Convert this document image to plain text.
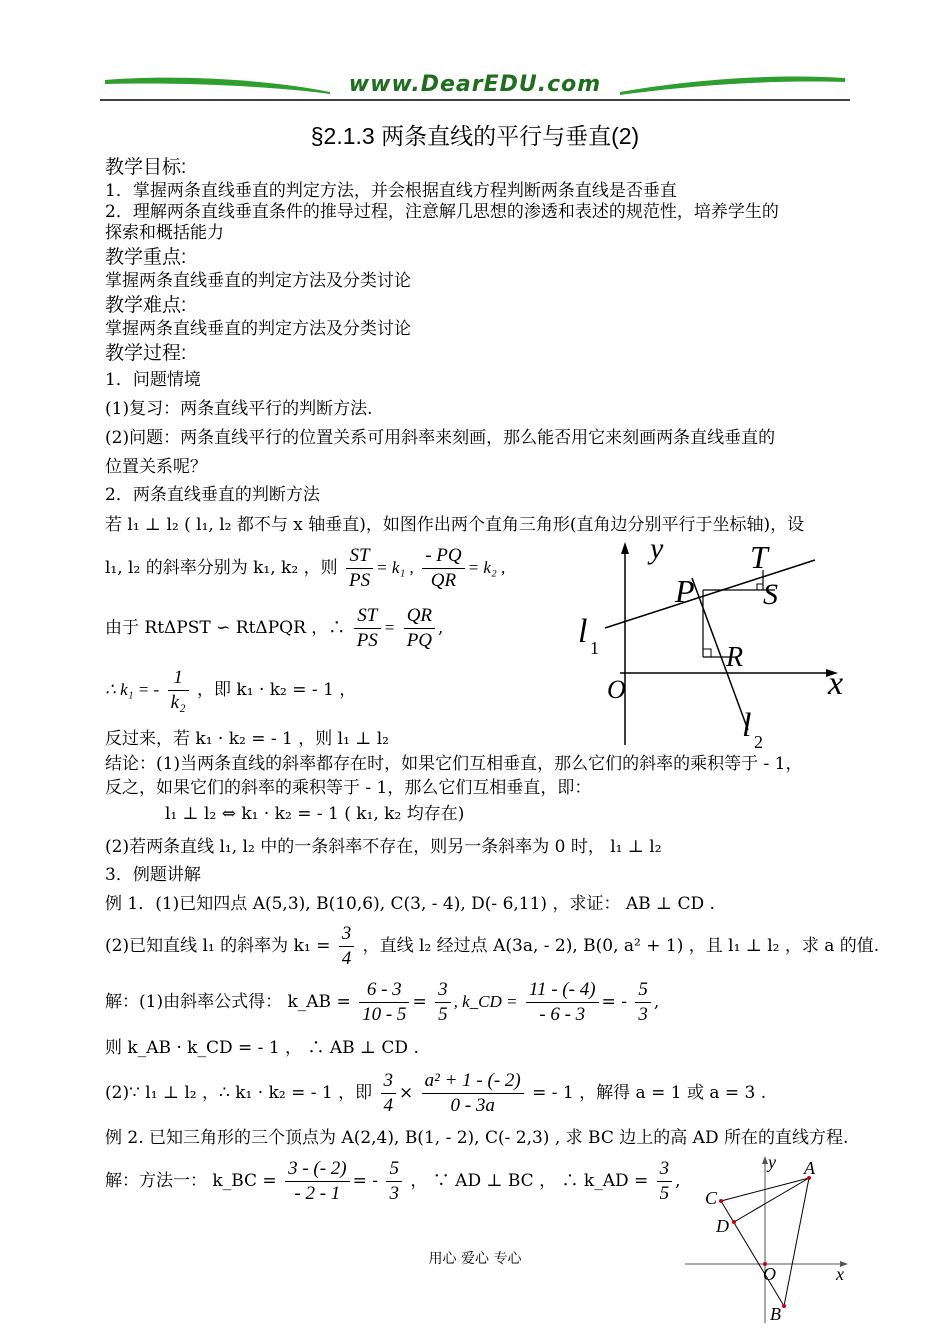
www.DearEDU.com
§2.1.3 两条直线的平行与垂直(2)
教学目标:
1．掌握两条直线垂直的判定方法，并会根据直线方程判断两条直线是否垂直
2．理解两条直线垂直条件的推导过程，注意解几思想的渗透和表述的规范性，培养学生的
探索和概括能力
教学重点:
掌握两条直线垂直的判定方法及分类讨论
教学难点:
掌握两条直线垂直的判定方法及分类讨论
教学过程:
1．问题情境
(1)复习：两条直线平行的判断方法.
(2)问题：两条直线平行的位置关系可用斜率来刻画，那么能否用它来刻画两条直线垂直的
位置关系呢？
2．两条直线垂直的判断方法
若 l₁ ⊥ l₂ ( l₁, l₂ 都不与 x 轴垂直)，如图作出两个直角三角形(直角边分别平行于坐标轴)，设
l₁, l₂ 的斜率分别为 k₁, k₂ ，则 $\frac{ST}{PS} = k_1$ , $\frac{- PQ}{QR} = k_2$ ,
由于 RtΔPST ∽ RtΔPQR ，∴ $\frac{ST}{PS} = \frac{QR}{PQ}$ ,
∴ k₁ = - $\frac{1}{\text{k₂}}$ ，即 k₁ · k₂ = - 1 ，
反过来，若 k₁ · k₂ = - 1 ，则 l₁ ⊥ l₂
结论：(1)当两条直线的斜率都存在时，如果它们互相垂直，那么它们的斜率的乘积等于 - 1，
反之，如果它们的斜率的乘积等于 - 1，那么它们互相垂直，即：
l₁ ⊥ l₂ ⇔ k₁ · k₂ = - 1 ( k₁, k₂ 均存在)
(2)若两条直线 l₁, l₂ 中的一条斜率不存在，则另一条斜率为 0 时， l₁ ⊥ l₂
3．例题讲解
例 1．(1)已知四点 A(5,3), B(10,6), C(3, - 4), D(- 6,11) ，求证： AB ⊥ CD .
(2)已知直线 l₁ 的斜率为 $k_1 = \frac{3}{4}$ ，直线 l₂ 经过点 A(3a, - 2), B(0, a² + 1) ，且 l₁ ⊥ l₂ ，求 a 的值.
解：(1)由斜率公式得： k_AB = $\frac{6 - 3}{10 - 5} = \frac{3}{5}$ , k_CD = $\frac{11 - (- 4)}{- 6 - 3}$ = - $\frac{5}{3}$ ,
则 k_AB · k_CD = - 1 ， ∴ AB ⊥ CD .
(2)∵ l₁ ⊥ l₂ ，∴ k₁ · k₂ = - 1 ，即 $\frac{3}{4} \times \frac{\text{a² + 1 - (- 2)}}{0 - 3a}$ = - 1 ，解得 a = 1 或 a = 3 .
例 2. 已知三角形的三个顶点为 A(2,4), B(1, - 2), C(- 2,3) , 求 BC 边上的高 AD 所在的直线方程.
解：方法一： k_BC = $\frac{3 - (- 2)}{- 2 - 1}$ = - $\frac{5}{3}$ ， ∵ AD ⊥ BC ， ∴ k_AD = $\frac{3}{5}$ ,
y	T
P S
l 1	R
O	x
l 2
y A
C
D
O	x
B
用心 爱心 专心
